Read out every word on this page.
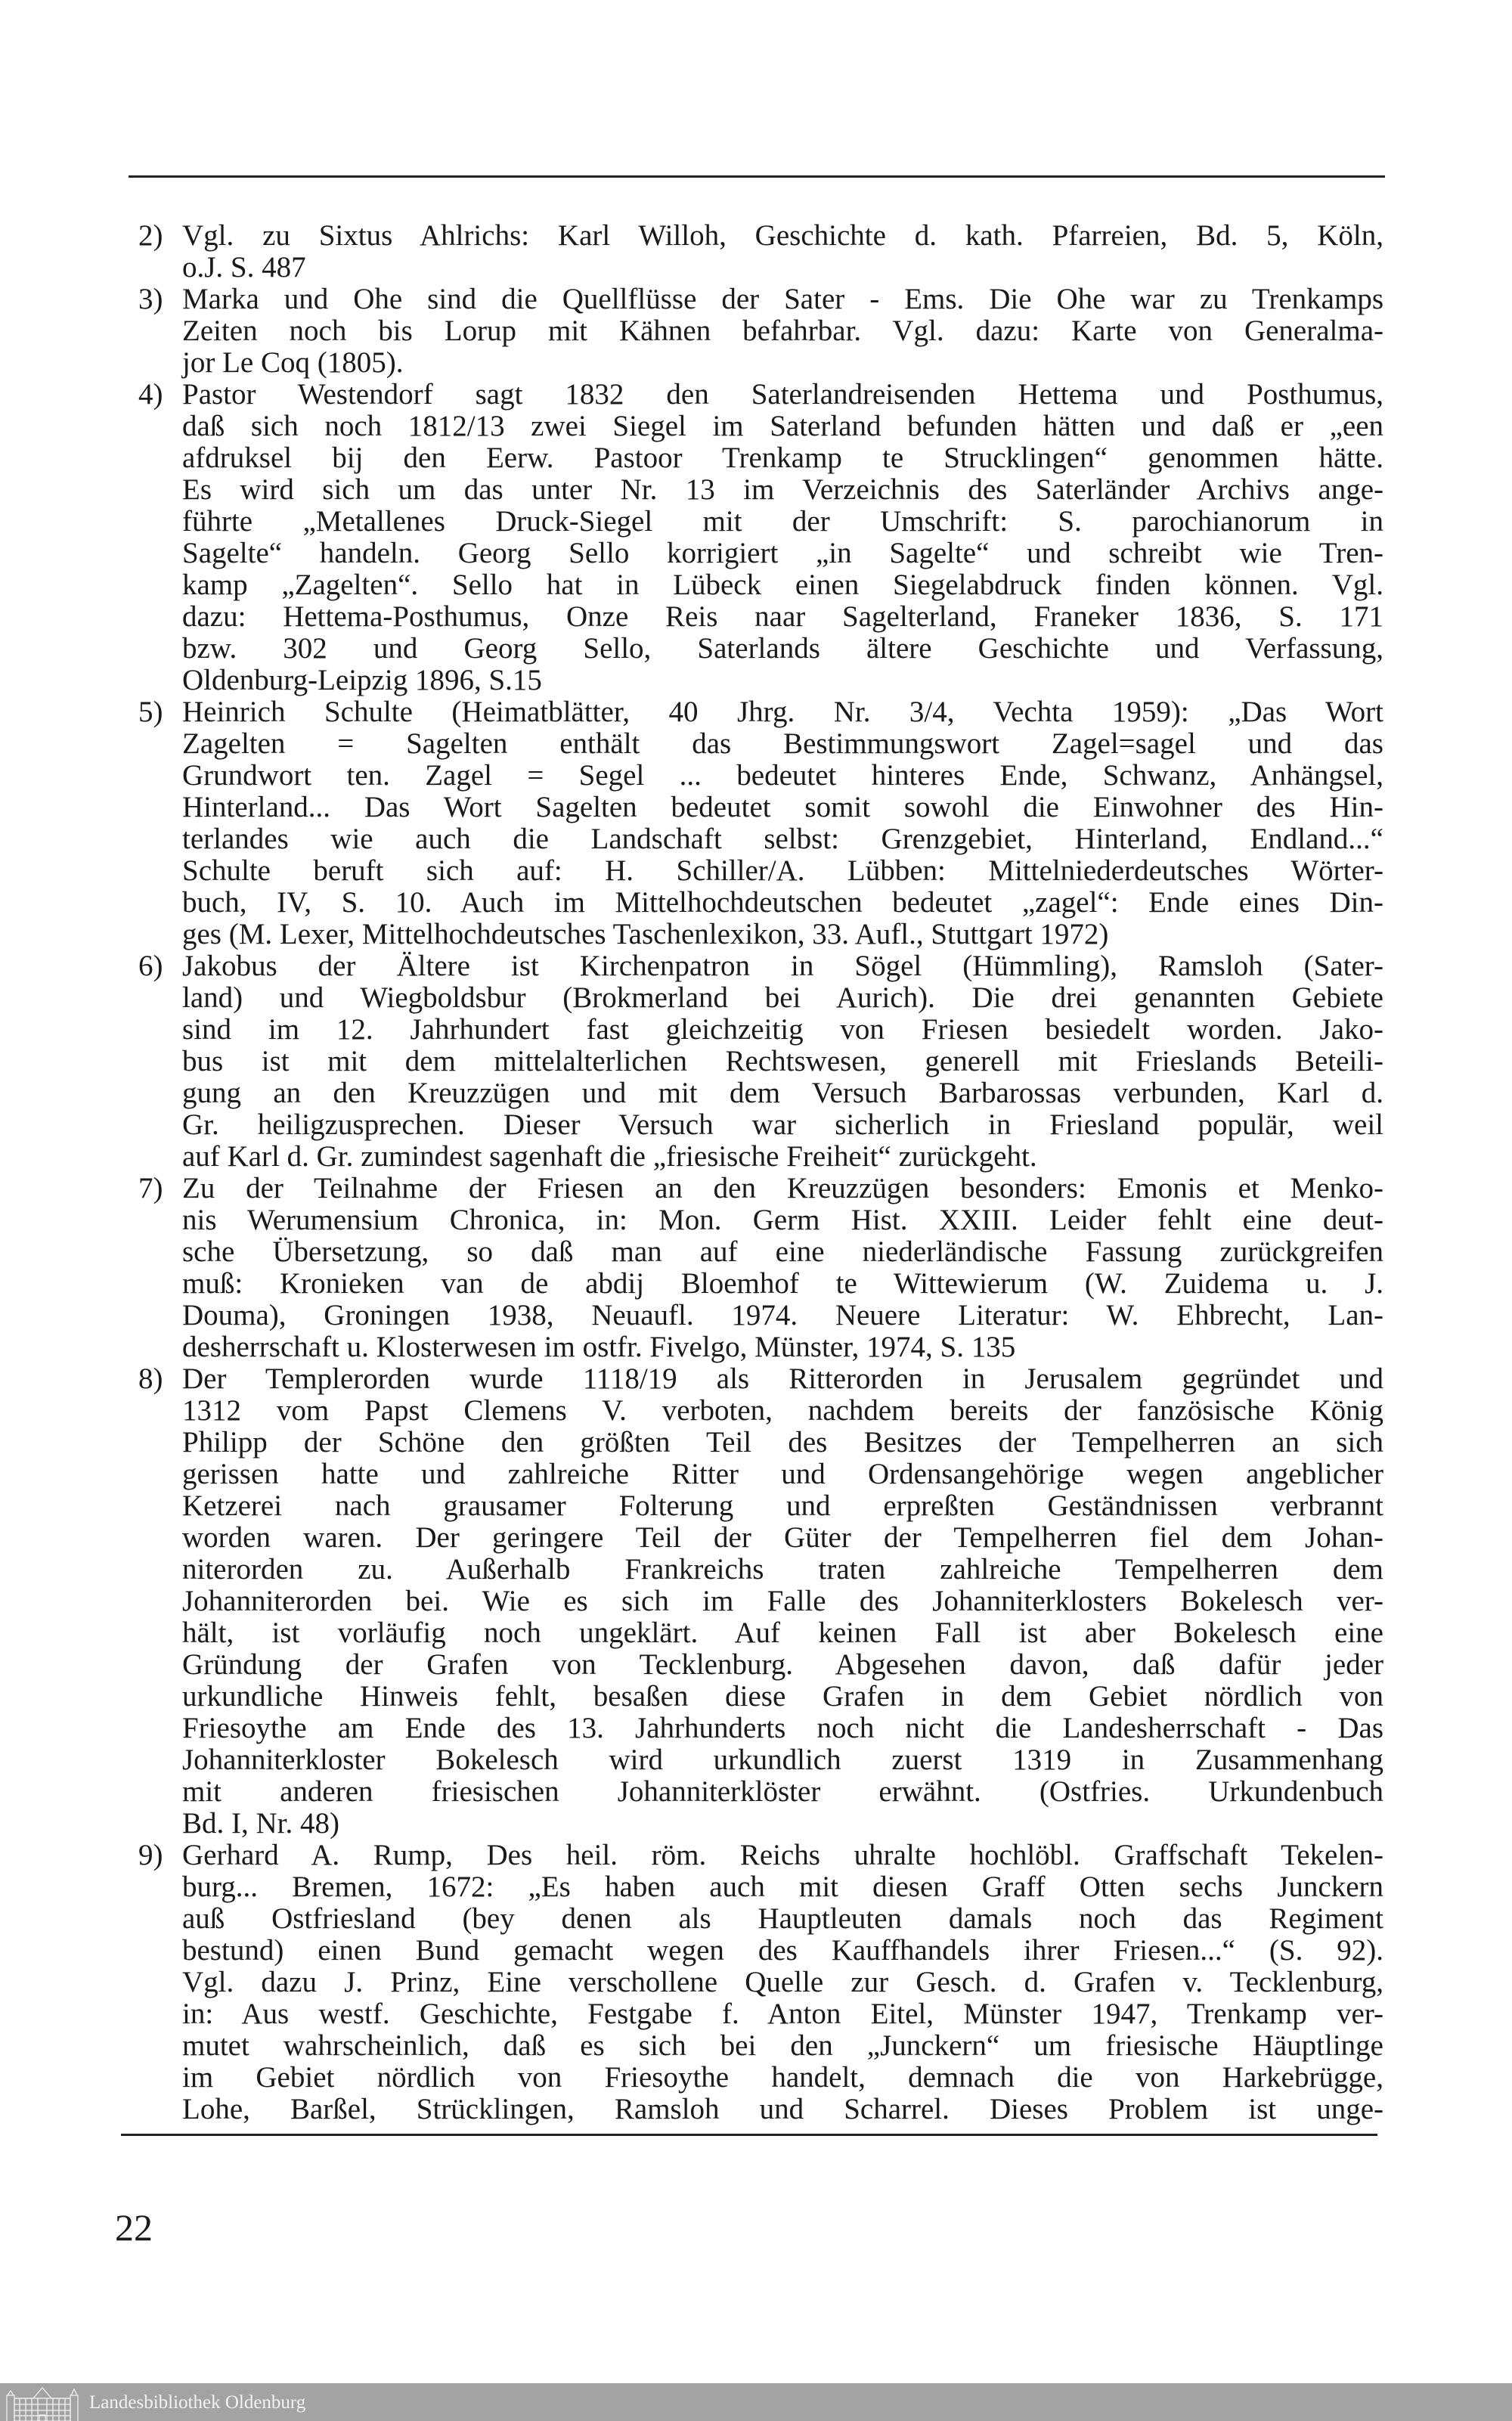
2) Vgl. zu Sixtus Ahlrichs: Karl Willoh, Geschichte d. kath. Pfarreien, Bd. 5, Köln,
o.J. S. 487
3) Marka und Ohe sind die Quellflüsse der Sater - Ems. Die Ohe war zu Trenkamps
Zeiten noch bis Lorup mit Kähnen befahrbar. Vgl. dazu: Karte von Generalma-
jor Le Coq (1805).
4) Pastor Westendorf sagt 1832 den Saterlandreisenden Hettema und Posthumus,
daß sich noch 1812/13 zwei Siegel im Saterland befunden hätten und daß er „een
afdruksel bij den Eerw. Pastoor Trenkamp te Strucklingen“ genommen hätte.
Es wird sich um das unter Nr. 13 im Verzeichnis des Saterländer Archivs ange-
führte „Metallenes Druck-Siegel mit der Umschrift: S. parochianorum in
Sagelte“ handeln. Georg Sello korrigiert „in Sagelte“ und schreibt wie Tren-
kamp „Zagelten“. Sello hat in Lübeck einen Siegelabdruck finden können. Vgl.
dazu: Hettema-Posthumus, Onze Reis naar Sagelterland, Franeker 1836, S. 171
bzw. 302 und Georg Sello, Saterlands ältere Geschichte und Verfassung,
Oldenburg-Leipzig 1896, S.15
5) Heinrich Schulte (Heimatblätter, 40 Jhrg. Nr. 3/4, Vechta 1959): „Das Wort
Zagelten = Sagelten enthält das Bestimmungswort Zagel=sagel und das
Grundwort ten. Zagel = Segel ... bedeutet hinteres Ende, Schwanz, Anhängsel,
Hinterland... Das Wort Sagelten bedeutet somit sowohl die Einwohner des Hin-
terlandes wie auch die Landschaft selbst: Grenzgebiet, Hinterland, Endland...“
Schulte beruft sich auf: H. Schiller/A. Lübben: Mittelniederdeutsches Wörter-
buch, IV, S. 10. Auch im Mittelhochdeutschen bedeutet „zagel“: Ende eines Din-
ges (M. Lexer, Mittelhochdeutsches Taschenlexikon, 33. Aufl., Stuttgart 1972)
6) Jakobus der Ältere ist Kirchenpatron in Sögel (Hümmling), Ramsloh (Sater-
land) und Wiegboldsbur (Brokmerland bei Aurich). Die drei genannten Gebiete
sind im 12. Jahrhundert fast gleichzeitig von Friesen besiedelt worden. Jako-
bus ist mit dem mittelalterlichen Rechtswesen, generell mit Frieslands Beteili-
gung an den Kreuzzügen und mit dem Versuch Barbarossas verbunden, Karl d.
Gr. heiligzusprechen. Dieser Versuch war sicherlich in Friesland populär, weil
auf Karl d. Gr. zumindest sagenhaft die „friesische Freiheit“ zurückgeht.
7) Zu der Teilnahme der Friesen an den Kreuzzügen besonders: Emonis et Menko-
nis Werumensium Chronica, in: Mon. Germ Hist. XXIII. Leider fehlt eine deut-
sche Übersetzung, so daß man auf eine niederländische Fassung zurückgreifen
muß: Kronieken van de abdij Bloemhof te Wittewierum (W. Zuidema u. J.
Douma), Groningen 1938, Neuaufl. 1974. Neuere Literatur: W. Ehbrecht, Lan-
desherrschaft u. Klosterwesen im ostfr. Fivelgo, Münster, 1974, S. 135
8) Der Templerorden wurde 1118/19 als Ritterorden in Jerusalem gegründet und
1312 vom Papst Clemens V. verboten, nachdem bereits der fanzösische König
Philipp der Schöne den größten Teil des Besitzes der Tempelherren an sich
gerissen hatte und zahlreiche Ritter und Ordensangehörige wegen angeblicher
Ketzerei nach grausamer Folterung und erpreßten Geständnissen verbrannt
worden waren. Der geringere Teil der Güter der Tempelherren fiel dem Johan-
niterorden zu. Außerhalb Frankreichs traten zahlreiche Tempelherren dem
Johanniterorden bei. Wie es sich im Falle des Johanniterklosters Bokelesch ver-
hält, ist vorläufig noch ungeklärt. Auf keinen Fall ist aber Bokelesch eine
Gründung der Grafen von Tecklenburg. Abgesehen davon, daß dafür jeder
urkundliche Hinweis fehlt, besaßen diese Grafen in dem Gebiet nördlich von
Friesoythe am Ende des 13. Jahrhunderts noch nicht die Landesherrschaft - Das
Johanniterkloster Bokelesch wird urkundlich zuerst 1319 in Zusammenhang
mit anderen friesischen Johanniterklöster erwähnt. (Ostfries. Urkundenbuch
Bd. I, Nr. 48)
9) Gerhard A. Rump, Des heil. röm. Reichs uhralte hochlöbl. Graffschaft Tekelen-
burg... Bremen, 1672: „Es haben auch mit diesen Graff Otten sechs Junckern
auß Ostfriesland (bey denen als Hauptleuten damals noch das Regiment
bestund) einen Bund gemacht wegen des Kauffhandels ihrer Friesen...“ (S. 92).
Vgl. dazu J. Prinz, Eine verschollene Quelle zur Gesch. d. Grafen v. Tecklenburg,
in: Aus westf. Geschichte, Festgabe f. Anton Eitel, Münster 1947, Trenkamp ver-
mutet wahrscheinlich, daß es sich bei den „Junckern“ um friesische Häuptlinge
im Gebiet nördlich von Friesoythe handelt, demnach die von Harkebrügge,
Lohe, Barßel, Strücklingen, Ramsloh und Scharrel. Dieses Problem ist unge-
22
Landesbibliothek Oldenburg
